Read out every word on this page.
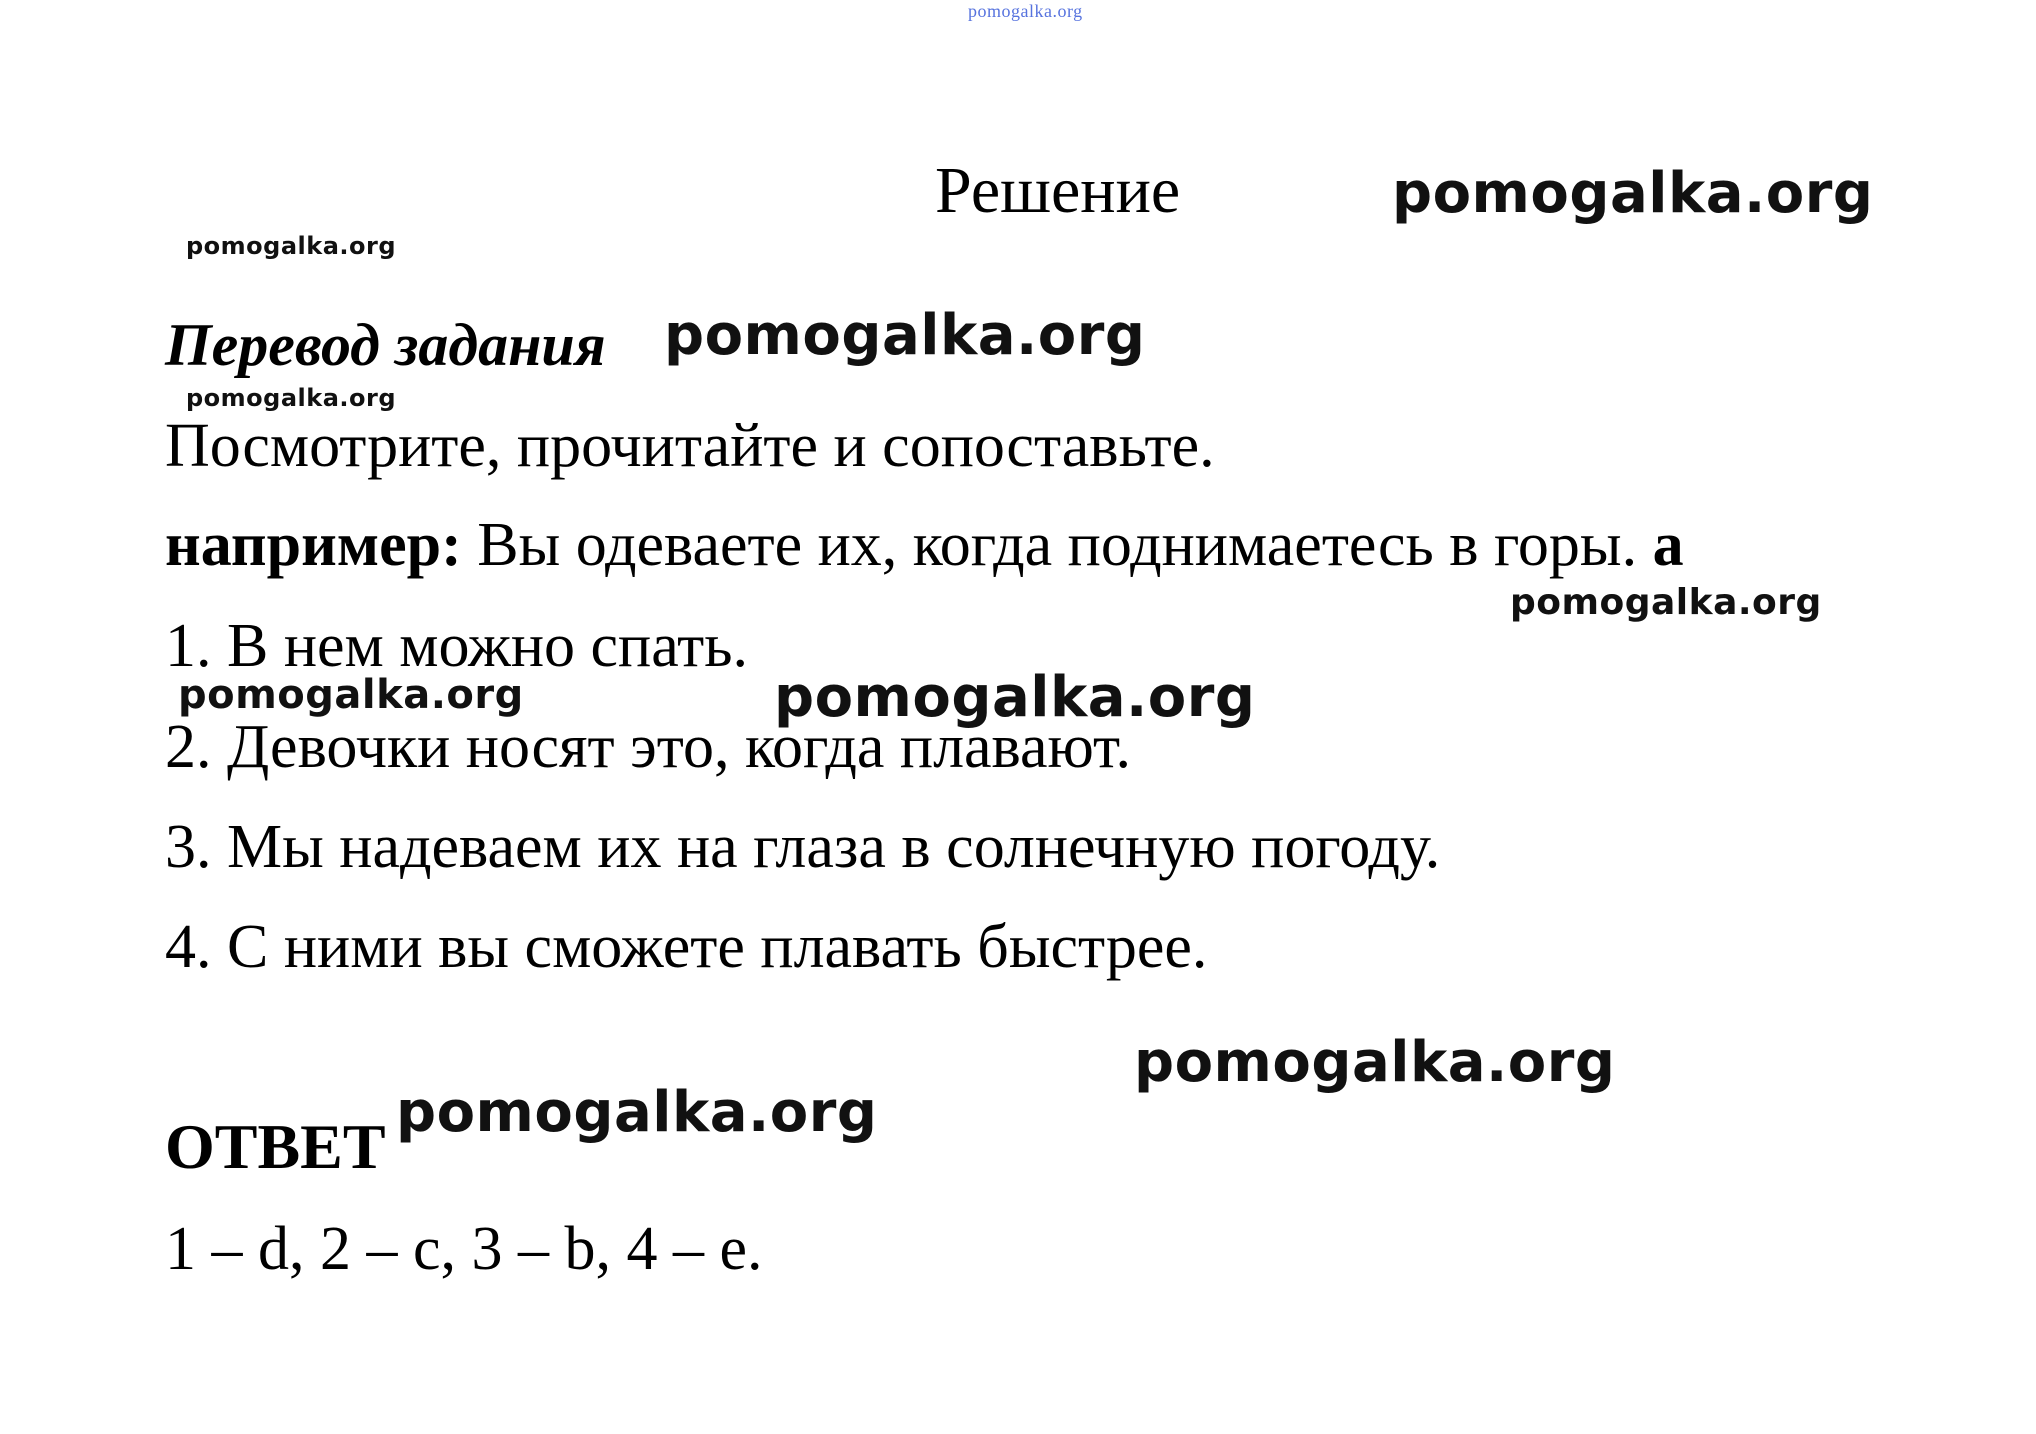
pomogalka.org
Решение	pomogalka.org
pomogalka.org
Перевод задания pomogalka.org
pomogalka.org
Посмотрите, прочитайте и сопоставьте.
например: Вы одеваете их, когда поднимаетесь в горы. a
pomogalka.org
1. В нем можно спать.
pomogalka.org	pomogalka.org
2. Девочки носят это, когда плавают.
3. Мы надеваем их на глаза в солнечную погоду.
4. С ними вы сможете плавать быстрее.
pomogalka.org
ОТВЕТ pomogalka.org
1 – d, 2 – c, 3 – b, 4 – e.
